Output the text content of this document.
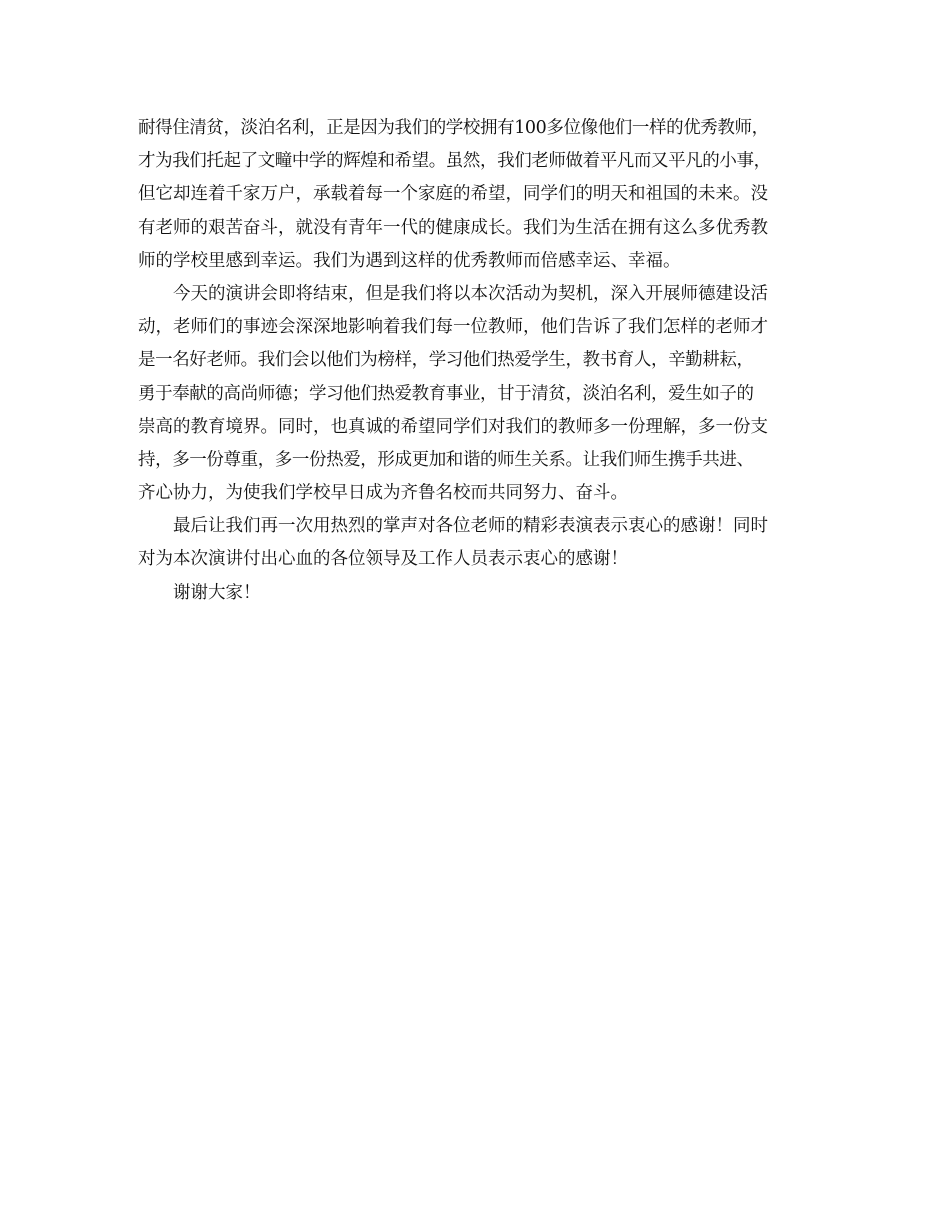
耐得住清贫，淡泊名利，正是因为我们的学校拥有100多位像他们一样的优秀教师，
才为我们托起了文疃中学的辉煌和希望。虽然，我们老师做着平凡而又平凡的小事，
但它却连着千家万户，承载着每一个家庭的希望，同学们的明天和祖国的未来。没
有老师的艰苦奋斗，就没有青年一代的健康成长。我们为生活在拥有这么多优秀教
师的学校里感到幸运。我们为遇到这样的优秀教师而倍感幸运、幸福。
今天的演讲会即将结束，但是我们将以本次活动为契机，深入开展师德建设活
动，老师们的事迹会深深地影响着我们每一位教师，他们告诉了我们怎样的老师才
是一名好老师。我们会以他们为榜样，学习他们热爱学生，教书育人，辛勤耕耘，
勇于奉献的高尚师德；学习他们热爱教育事业，甘于清贫，淡泊名利，爱生如子的
崇高的教育境界。同时，也真诚的希望同学们对我们的教师多一份理解，多一份支
持，多一份尊重，多一份热爱，形成更加和谐的师生关系。让我们师生携手共进、
齐心协力，为使我们学校早日成为齐鲁名校而共同努力、奋斗。
最后让我们再一次用热烈的掌声对各位老师的精彩表演表示衷心的感谢！同时
对为本次演讲付出心血的各位领导及工作人员表示衷心的感谢！
谢谢大家！
